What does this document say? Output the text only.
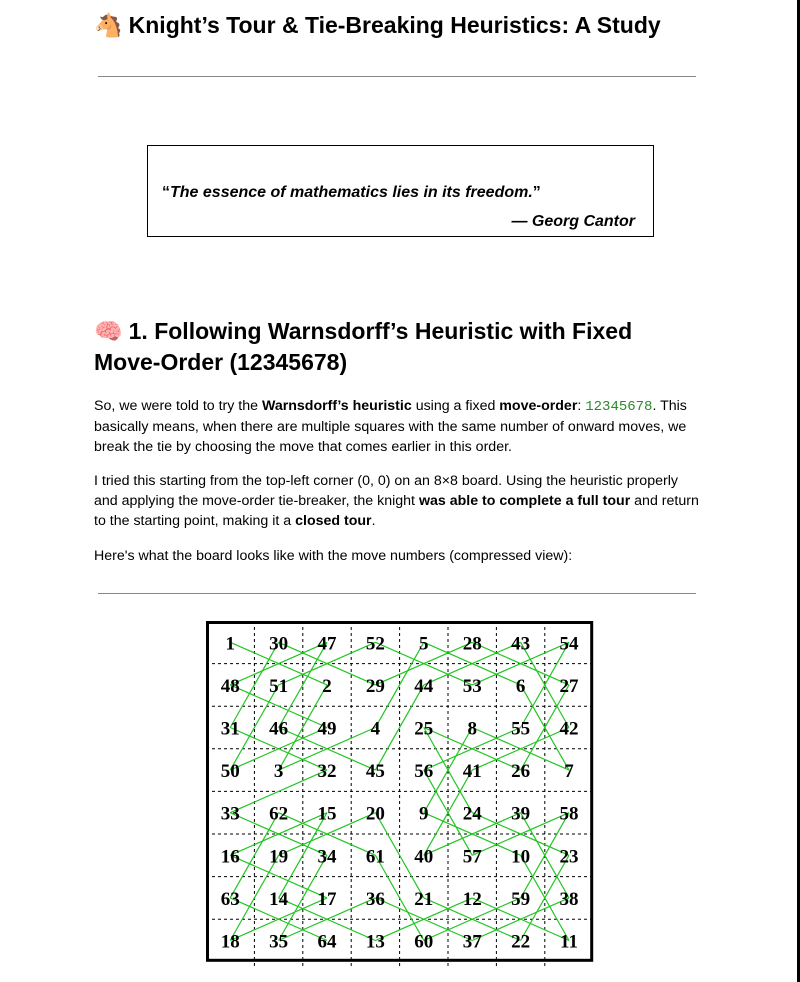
🐴 Knight’s Tour & Tie-Breaking Heuristics: A Study
“The essence of mathematics lies in its freedom.”
— Georg Cantor
🧠 1. Following Warnsdorff’s Heuristic with Fixed Move-Order (12345678)

So, we were told to try the Warnsdorff’s heuristic using a fixed move-order: 12345678. This basically means, when there are multiple squares with the same number of onward moves, we break the tie by choosing the move that comes earlier in this order.

I tried this starting from the top-left corner (0, 0) on an 8×8 board. Using the heuristic properly and applying the move-order tie-breaker, the knight was able to complete a full tour and return to the starting point, making it a closed tour.

Here's what the board looks like with the move numbers (compressed view):

1 30 47 52 5 28 43 54
48 51 2 29 44 53 6 27
31 46 49 4 25 8 55 42
50 3 32 45 56 41 26 7
33 62 15 20 9 24 39 58
16 19 34 61 40 57 10 23
63 14 17 36 21 12 59 38
18 35 64 13 60 37 22 11
